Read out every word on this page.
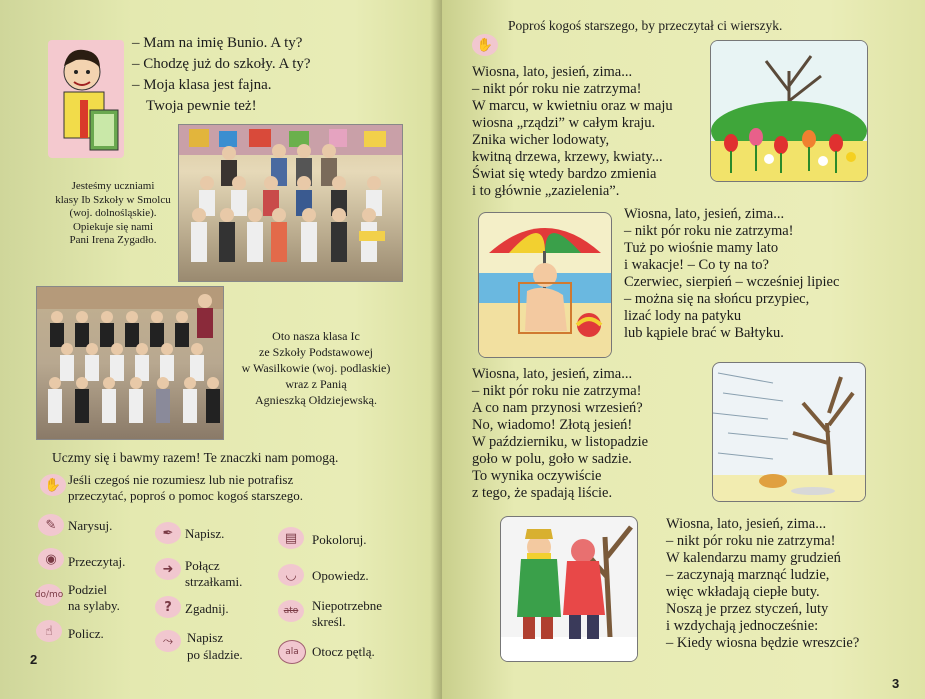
– Mam na imię Bunio. A ty?
– Chodzę już do szkoły. A ty?
– Moja klasa jest fajna.
Twoja pewnie też!
Jesteśmy uczniami
klasy Ib Szkoły w Smolcu
(woj. dolnośląskie).
Opiekuje się nami
Pani Irena Zygadło.
Oto nasza klasa Ic
ze Szkoły Podstawowej
w Wasilkowie (woj. podlaskie)
wraz z Panią
Agnieszką Ołdziejewską.
Uczmy się i bawmy razem! Te znaczki nam pomogą.
✋ Jeśli czegoś nie rozumiesz lub nie potrafisz
przeczytać, poproś o pomoc kogoś starszego.
✎ Narysuj.
◉ Przeczytaj.
do/mo Podziel
na sylaby.
☝	Policz.
✒ Napisz.
➜ Połącz
strzałkami.
?	Zgadnij.
⤳	Napisz
po śladzie.
▤	Pokoloruj.
◡	Opowiedz.
ato	Niepotrzebne
skreśl.
ala	Otocz pętlą.
2
✋
Poproś kogoś starszego, by przeczytał ci wierszyk.
Wiosna, lato, jesień, zima...
– nikt pór roku nie zatrzyma!
W marcu, w kwietniu oraz w maju
wiosna „rządzi” w całym kraju.
Znika wicher lodowaty,
kwitną drzewa, krzewy, kwiaty...
Świat się wtedy bardzo zmienia
i to głównie „zazielenia”.
Wiosna, lato, jesień, zima...
– nikt pór roku nie zatrzyma!
Tuż po wiośnie mamy lato
i wakacje! – Co ty na to?
Czerwiec, sierpień – wcześniej lipiec
– można się na słońcu przypiec,
lizać lody na patyku
lub kąpiele brać w Bałtyku.
Wiosna, lato, jesień, zima...
– nikt pór roku nie zatrzyma!
A co nam przynosi wrzesień?
No, wiadomo! Złotą jesień!
W październiku, w listopadzie
goło w polu, goło w sadzie.
To wynika oczywiście
z tego, że spadają liście.
Wiosna, lato, jesień, zima...
– nikt pór roku nie zatrzyma!
W kalendarzu mamy grudzień
– zaczynają marznąć ludzie,
więc wkładają ciepłe buty.
Noszą je przez styczeń, luty
i wzdychają jednocześnie:
– Kiedy wiosna będzie wreszcie?
3
